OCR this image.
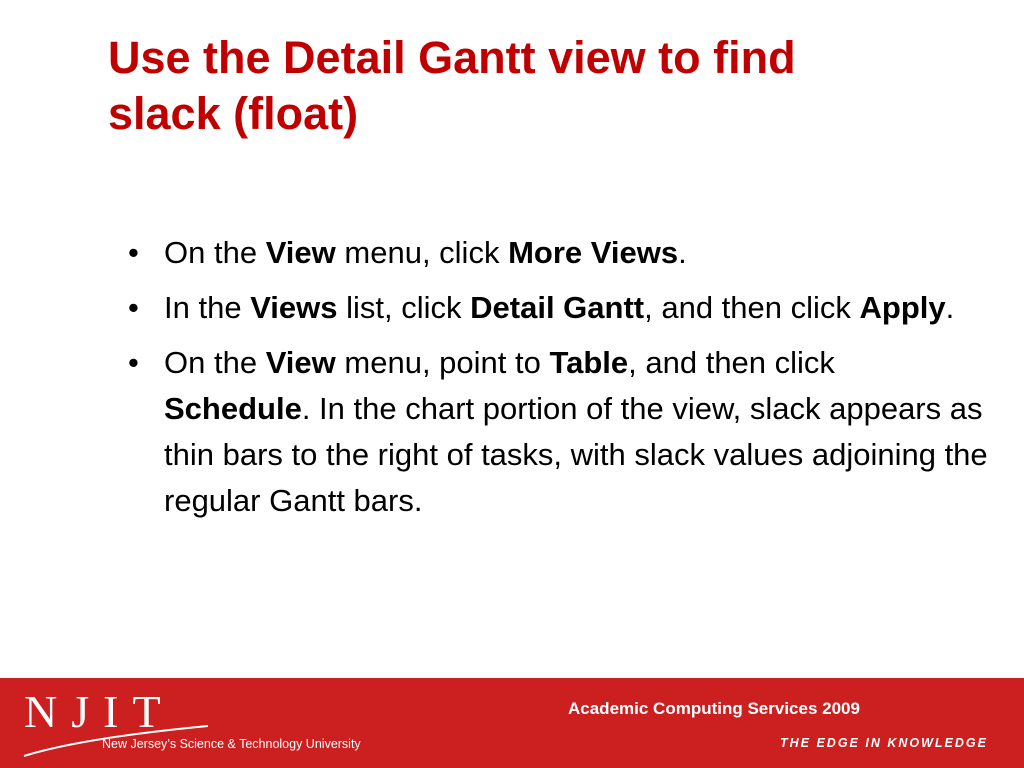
Use the Detail Gantt view to find
slack (float)
• On the View menu, click More Views.
• In the Views list, click Detail Gantt, and then click Apply.
• On the View menu, point to Table, and then click Schedule. In the chart portion of the view, slack appears as thin bars to the right of tasks, with slack values adjoining the regular Gantt bars.
NJIT
New Jersey’s Science & Technology University
Academic Computing Services 2009
THE EDGE IN KNOWLEDGE
